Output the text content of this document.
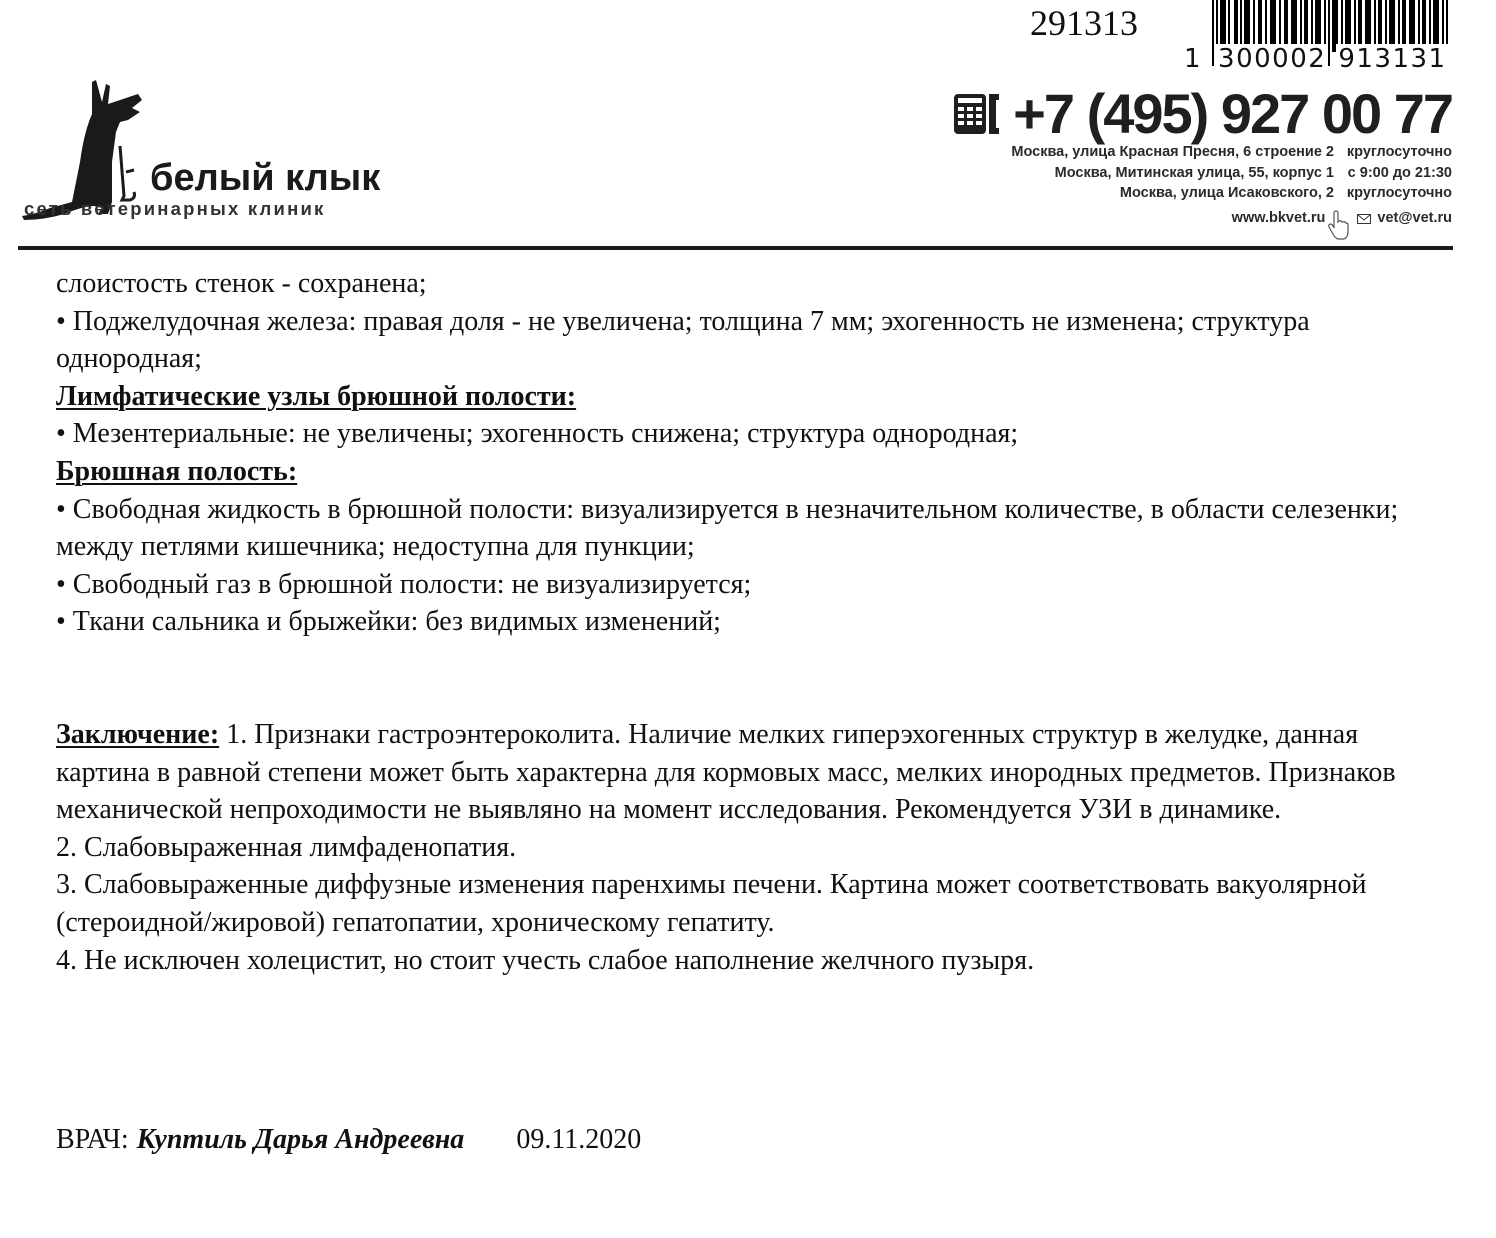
291313
1 300002 913131
+7 (495) 927 00 77
Москва, улица Красная Пресня, 6 строение 2 круглосуточно
Москва, Митинская улица, 55, корпус 1 с 9:00 до 21:30
Москва, улица Исаковского, 2 круглосуточно
www.bkvet.ru	vet@vet.ru
белый клык
сеть ветеринарных клиник

слоистость стенок - сохранена;

• Поджелудочная железа: правая доля - не увеличена; толщина 7 мм; эхогенность не изменена; структура однородная;

Лимфатические узлы брюшной полости:

• Мезентериальные: не увеличены; эхогенность снижена; структура однородная;

Брюшная полость:

• Свободная жидкость в брюшной полости: визуализируется в незначительном количестве, в области селезенки; между петлями кишечника; недоступна для пункции;

• Свободный газ в брюшной полости: не визуализируется;

• Ткани сальника и брыжейки: без видимых изменений;

Заключение: 1. Признаки гастроэнтероколита. Наличие мелких гиперэхогенных структур в желудке, данная картина в равной степени может быть характерна для кормовых масс, мелких инородных предметов. Признаков механической непроходимости не выявляно на момент исследования. Рекомендуется УЗИ в динамике.

2. Слабовыраженная лимфаденопатия.

3. Слабовыраженные диффузные изменения паренхимы печени. Картина может соответствовать вакуолярной (стероидной/жировой) гепатопатии, хроническому гепатиту.

4. Не исключен холецистит, но стоит учесть слабое наполнение желчного пузыря.

ВРАЧ: Куптиль Дарья Андреевна 09.11.2020
